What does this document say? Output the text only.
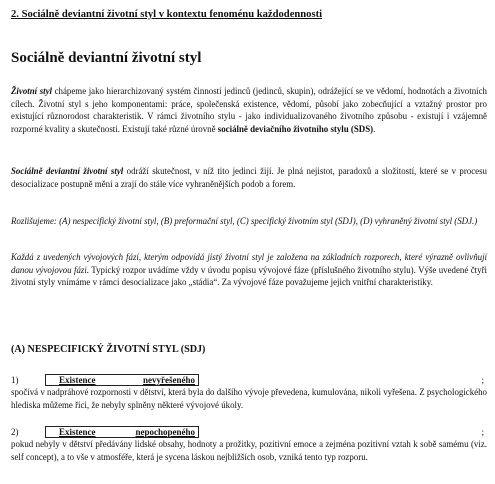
2. Sociálně deviantní životní styl v kontextu fenoménu každodennosti
Sociálně deviantní životní styl

Životní styl chápeme jako hierarchizovaný systém činností jedinců (jedinců, skupin), odrážející se ve vědomí, hodnotách a životních cílech. Životní styl s jeho komponentami: práce, společenská existence, vědomí, působí jako zobecňující a vztažný prostor pro existující různorodost charakteristik. V rámci životního stylu - jako individualizovaného životního způsobu - existují i vzájemně rozporné kvality a skutečnosti. Existují také různé úrovně sociálně deviačního životního stylu (SDS).

Sociálně deviantní životní styl odráží skutečnost, v níž tito jedinci žijí. Je plná nejistot, paradoxů a složitostí, které se v procesu desocializace postupně mění a zrají do stále více vyhraněnějších podob a forem.

Rozlišujeme: (A) nespecifický životní styl, (B) preformační styl, (C) specifický životním styl (SDJ), (D) vyhraněný životní styl (SDJ.)

Každá z uvedených vývojových fází, kterým odpovídá jistý životní styl je založena na základních rozporech, které výrazně ovlivňují danou vývojovou fázi. Typický rozpor uvádíme vždy v úvodu popisu vývojové fáze (příslušného životního stylu). Výše uvedené čtyři životní styly vnímáme v rámci desocializace jako „stádia“. Za vývojové fáze považujeme jejich vnitřní charakteristiky.

(A) NESPECIFICKÝ ŽIVOTNÍ STYL (SDJ)
1)	Existence	nevyřešeného	;

spočívá v nadpráhové rozpornosti v dětství, která byla do dalšího vývoje převedena, kumulována, nikoli vyřešena. Z psychologického hlediska můžeme říci, že nebyly splněny některé vývojové úkoly.

2)	Existence	nepochopeného	;

pokud nebyly v dětství předávány lidské obsahy, hodnoty a prožitky, pozitivní emoce a zejména pozitivní vztah k sobě samému (viz. self concept), a to vše v atmosféře, která je sycena láskou nejbližších osob, vzniká tento typ rozporu.
